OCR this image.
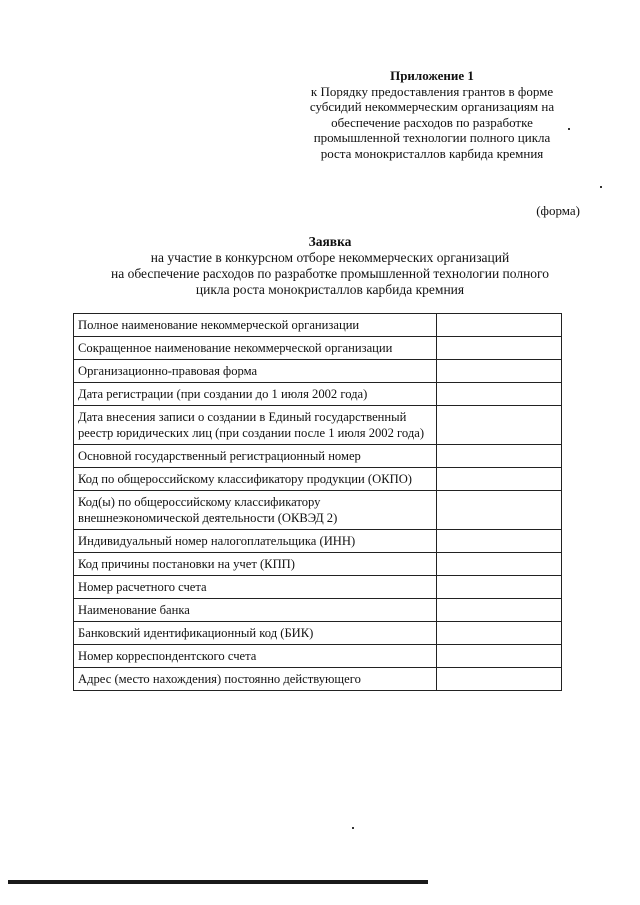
Приложение 1
к Порядку предоставления грантов в форме
субсидий некоммерческим организациям на
обеспечение расходов по разработке
промышленной технологии полного цикла
роста монокристаллов карбида кремния
(форма)
Заявка
на участие в конкурсном отборе некоммерческих организаций
на обеспечение расходов по разработке промышленной технологии полного
цикла роста монокристаллов карбида кремния
Полное наименование некоммерческой организации	
Сокращенное наименование некоммерческой организации	
Организационно-правовая форма	
Дата регистрации (при создании до 1 июля 2002 года)	
Дата внесения записи о создании в Единый государственный реестр юридических лиц (при создании после 1 июля 2002 года)	
Основной государственный регистрационный номер	
Код по общероссийскому классификатору продукции (ОКПО)	
Код(ы) по общероссийскому классификатору внешнеэкономической деятельности (ОКВЭД 2)	
Индивидуальный номер налогоплательщика (ИНН)	
Код причины постановки на учет (КПП)	
Номер расчетного счета	
Наименование банка	
Банковский идентификационный код (БИК)	
Номер корреспондентского счета	
Адрес (место нахождения) постоянно действующего	
